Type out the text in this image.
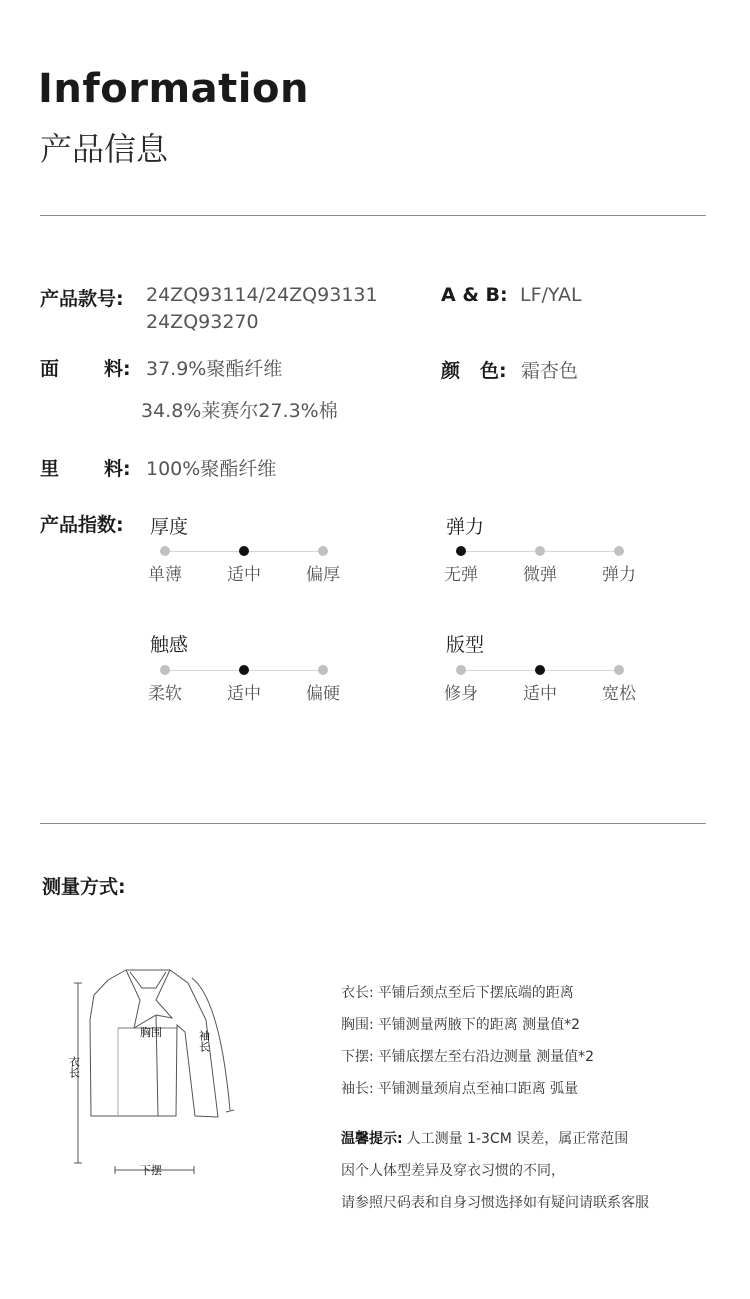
Information
产品信息
产品款号: 24ZQ93114/24ZQ93131
24ZQ93270
A & B: LF/YAL
面 料: 37.9%聚酯纤维
34.8%莱赛尔27.3%棉
颜 色: 霜杏色
里 料: 100%聚酯纤维
产品指数: 厚度
单薄	适中	偏厚
弹力
无弹	微弹	弹力
触感
柔软	适中	偏硬
版型
修身	适中	宽松
测量方式:
胸围	袖长
衣长
下摆
衣长: 平铺后颈点至后下摆底端的距离
胸围: 平铺测量两腋下的距离 测量值*2
下摆: 平铺底摆左至右沿边测量 测量值*2
袖长: 平铺测量颈肩点至袖口距离 弧量
温馨提示: 人工测量 1-3CM 误差，属正常范围
因个人体型差异及穿衣习惯的不同，
请参照尺码表和自身习惯选择如有疑问请联系客服
